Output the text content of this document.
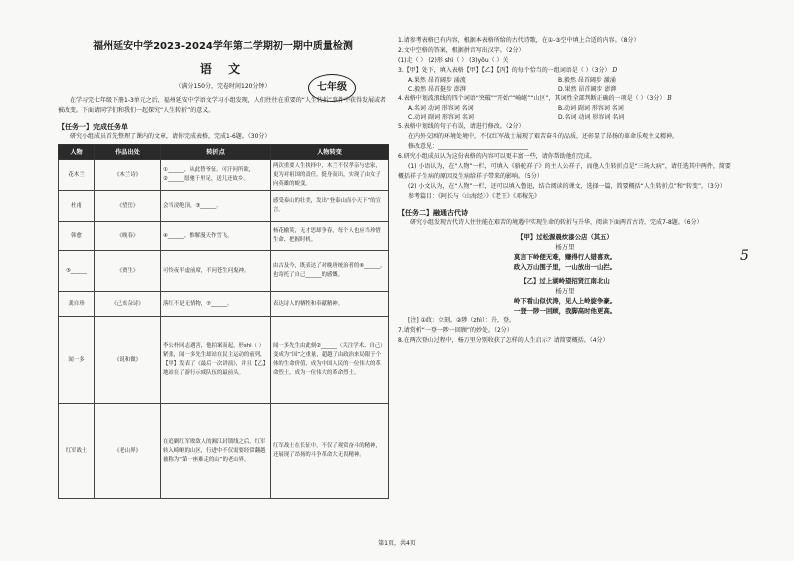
福州延安中学2023-2024学年第二学期初一期中质量检测
语 文
七年级
（满分150分，完卷时间120分钟）
在学习完七年级下册1-3单元之后，福州延安中学语文学习小组发现，人们往往在重要的“人生转折”事件中获得发展或者被改变。下面请同学们和我们一起探究“人生转折”的意义。
【任务一】完成任务单
研究小组成员首先整理了课内的文章，请你完成表格，完成1-6题。（30分）
人物	作品出处	转折点	人物转变
花木兰	《木兰诗》	①______，从此替爷征。可汗问所欲，②______愿驰千里足，送儿还故乡。	两次重要人生抉择中，木兰不仅孝亲与忠家，更为对祖国的责任，挺身而出，实现了由女子向英雄的蜕变。
杜甫	《望岳》	会当凌绝顶，③______。	感受泰山的壮美，发出“登泰山而小天下”的宣言。
韩愈	《晚春》	④______，惟解漫天作雪飞。	杨花榆荚，无才思却争春，每个人也应当珍惜生命、把握时机。
⑤______	《贾生》	可怜夜半虚前席，不问苍生问鬼神。	由古及今，既表达了对晚唐统治者的⑥______，也寄托了自己______的感慨。
龚自珍	《己亥杂诗》	落红不是无情物，⑦______。	表达诗人的牺牲和奉献精神。
闻一多	《说和做》	李公朴同志遇害，他拍案而起，形shì（ ）紧张，闻一多先生却站在民主运动的前列，【甲】发表了《最后一次讲演》，并且【乙】地站在了游行示威队伍的最前头。	闻一多先生由此刻②______（关注学术、自己）变成为“国”之重量，超越了由政治来局限于个体的生命价值，成为中国人民的一位伟大的革命烈士，成为一位伟大的革命烈士。
红军战士	《老山界》	在追剿红军败敌人的湘江封锁线之后，红军转入崎岖的山区，行进中不仅需要经常翻越被称为“第一座难走的山”的老山界。	红军战士在长征中，不仅了观赏奋斗的精神，还展现了昂扬的斗争革命大无畏精神。
1.请参考表格已有内容，根据本表格所给的古代诗歌，在①-③空中填上合适的内容。（8分）
2.文中空格的答案，根据拼音写出汉字。（2分）
(1)走（ ） (2)形 shì（ ） (3)yōu（ ）关
3.【甲】处下，填入表格【甲】【乙】【丙】的每个恰当的一组词语是（ ）（3分） D
A.果然 昂首阔步 涌流	B.毅然 昂首阔步 激涌
C.毅然 昂首挺步 澎湃	D.果然 昂首阔步 澎湃
4.表格中划波浪线的四个词语“突破”“开始”“崎岖”“山区”，其词性全部判断正确的一项是（ ）（3分） B
A.名词 动词 形容词 名词	B.动词 副词 形容词 名词
C.动词 副词 形容词 名词	D.名词 动词 形容词 名词
5.表格中划线的句子有误，请进行修改。（2分）
在内外交困的环境处境中，不仅红军战士展现了艰苦奋斗的品质，还彰显了昂扬的革命乐观主义精神。
修改意见：______________________________
6.研究小组成员认为这份表格的内容可以更丰富一些，请你帮助他们完成。
(1) 小语认为，在“人物”一栏，可填入《骆驼祥子》的主人公祥子，而他人生转折点是“三场大病”，请任选其中两件，简要概括祥子生病的原因及生病给祥子带来的影响。（5分）
(2) 小文认为，在“人物”一栏，还可以填入鲁迅，结合阅读的课文，选择一篇，简要概括“人生转折点”和“转变”。（3分）
参考篇目：《阿长与〈山海经〉》《老王》《邓稼先》
【任务二】融通古代诗
研究小组发现古代诗人往往能在艰苦的境遇中实现生命的转折与升华，阅读下面两首古诗，完成7-8题。（6分）
【甲】过松源晨炊漆公店（其五）
杨万里
莫言下岭便无难，赚得行人错喜欢。
政入万山围子里，一山放出一山拦。
【乙】过上湖岭望招贤江南北山
杨万里
岭下看山似伏涛，见人上岭旋争豪。
一登一陟一回顾，我脚高时他更高。
[注] ①政：立刻。②陟（zhì）：升，登。
7.请赏析“一登一陟一回顾”的妙处。（2分）
8.在两次登山过程中，杨万里分别收获了怎样的人生启示？请简要概括。（4分）
5
第1页，共4页
